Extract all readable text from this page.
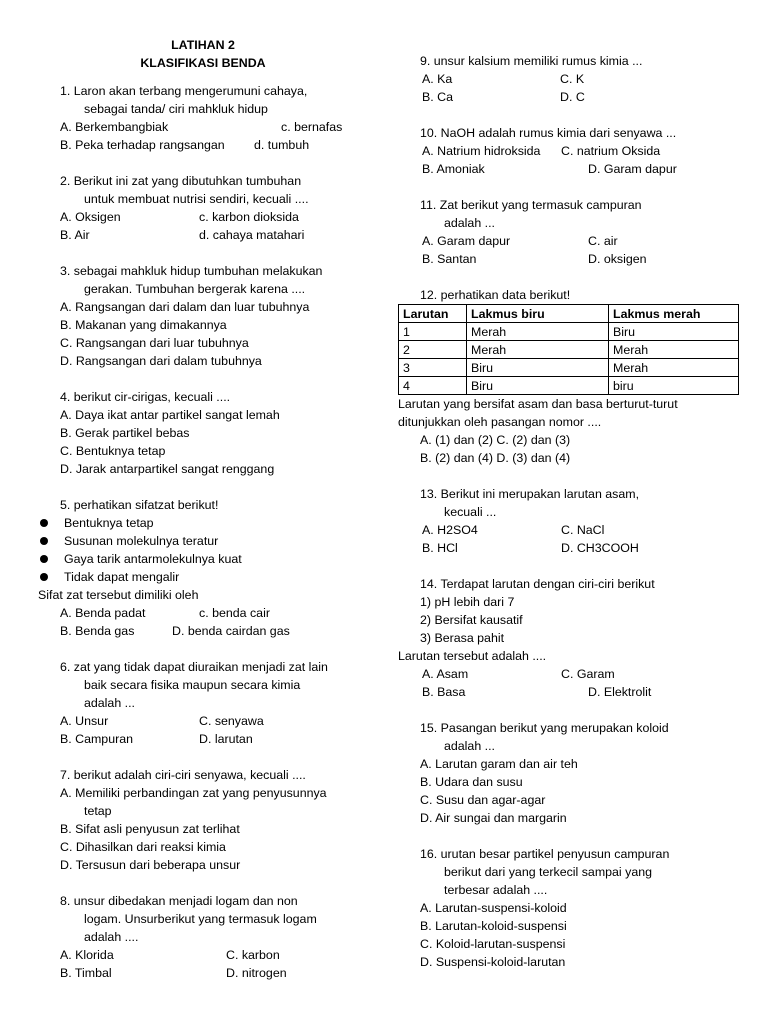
LATIHAN 2
KLASIFIKASI BENDA
1. Laron akan terbang mengerumuni cahaya,
sebagai tanda/ ciri mahkluk hidup
A. Berkembangbiak	c. bernafas
B. Peka terhadap rangsangan d. tumbuh
2. Berikut ini zat yang dibutuhkan tumbuhan
untuk membuat nutrisi sendiri, kecuali ....
A. Oksigen	c. karbon dioksida
B. Air	d. cahaya matahari
3. sebagai mahkluk hidup tumbuhan melakukan
gerakan. Tumbuhan bergerak karena ....
A. Rangsangan dari dalam dan luar tubuhnya
B. Makanan yang dimakannya
C. Rangsangan dari luar tubuhnya
D. Rangsangan dari dalam tubuhnya
4. berikut cir-cirigas, kecuali ....
A. Daya ikat antar partikel sangat lemah
B. Gerak partikel bebas
C. Bentuknya tetap
D. Jarak antarpartikel sangat renggang
5. perhatikan sifatzat berikut!
Bentuknya tetap
Susunan molekulnya teratur
Gaya tarik antarmolekulnya kuat
Tidak dapat mengalir
Sifat zat tersebut dimiliki oleh
A. Benda padat	c. benda cair
B. Benda gas	D. benda cairdan gas
6. zat yang tidak dapat diuraikan menjadi zat lain
baik secara fisika maupun secara kimia
adalah ...
A. Unsur	C. senyawa
B. Campuran	D. larutan
7. berikut adalah ciri-ciri senyawa, kecuali ....
A. Memiliki perbandingan zat yang penyusunnya
tetap
B. Sifat asli penyusun zat terlihat
C. Dihasilkan dari reaksi kimia
D. Tersusun dari beberapa unsur
8. unsur dibedakan menjadi logam dan non
logam. Unsurberikut yang termasuk logam
adalah ....
A. Klorida	C. karbon
B. Timbal	D. nitrogen
9. unsur kalsium memiliki rumus kimia ...
A. Ka	C. K
B. Ca	D. C
10. NaOH adalah rumus kimia dari senyawa ...
A. Natrium hidroksida C. natrium Oksida
B. Amoniak	D. Garam dapur
11. Zat berikut yang termasuk campuran
adalah ...
A. Garam dapur	C. air
B. Santan	D. oksigen
12. perhatikan data berikut!
Larutan	Lakmus biru	Lakmus merah
1	Merah	Biru
2	Merah	Merah
3	Biru	Merah
4	Biru	biru
Larutan yang bersifat asam dan basa berturut-turut
ditunjukkan oleh pasangan nomor ....
A. (1) dan (2) C. (2) dan (3)
B. (2) dan (4) D. (3) dan (4)
13. Berikut ini merupakan larutan asam,
kecuali ...
A. H2SO4	C. NaCl
B. HCl	D. CH3COOH
14. Terdapat larutan dengan ciri-ciri berikut
1) pH lebih dari 7
2) Bersifat kausatif
3) Berasa pahit
Larutan tersebut adalah ....
A. Asam	C. Garam
B. Basa	D. Elektrolit
15. Pasangan berikut yang merupakan koloid
adalah ...
A. Larutan garam dan air teh
B. Udara dan susu
C. Susu dan agar-agar
D. Air sungai dan margarin
16. urutan besar partikel penyusun campuran
berikut dari yang terkecil sampai yang
terbesar adalah ....
A. Larutan-suspensi-koloid
B. Larutan-koloid-suspensi
C. Koloid-larutan-suspensi
D. Suspensi-koloid-larutan
